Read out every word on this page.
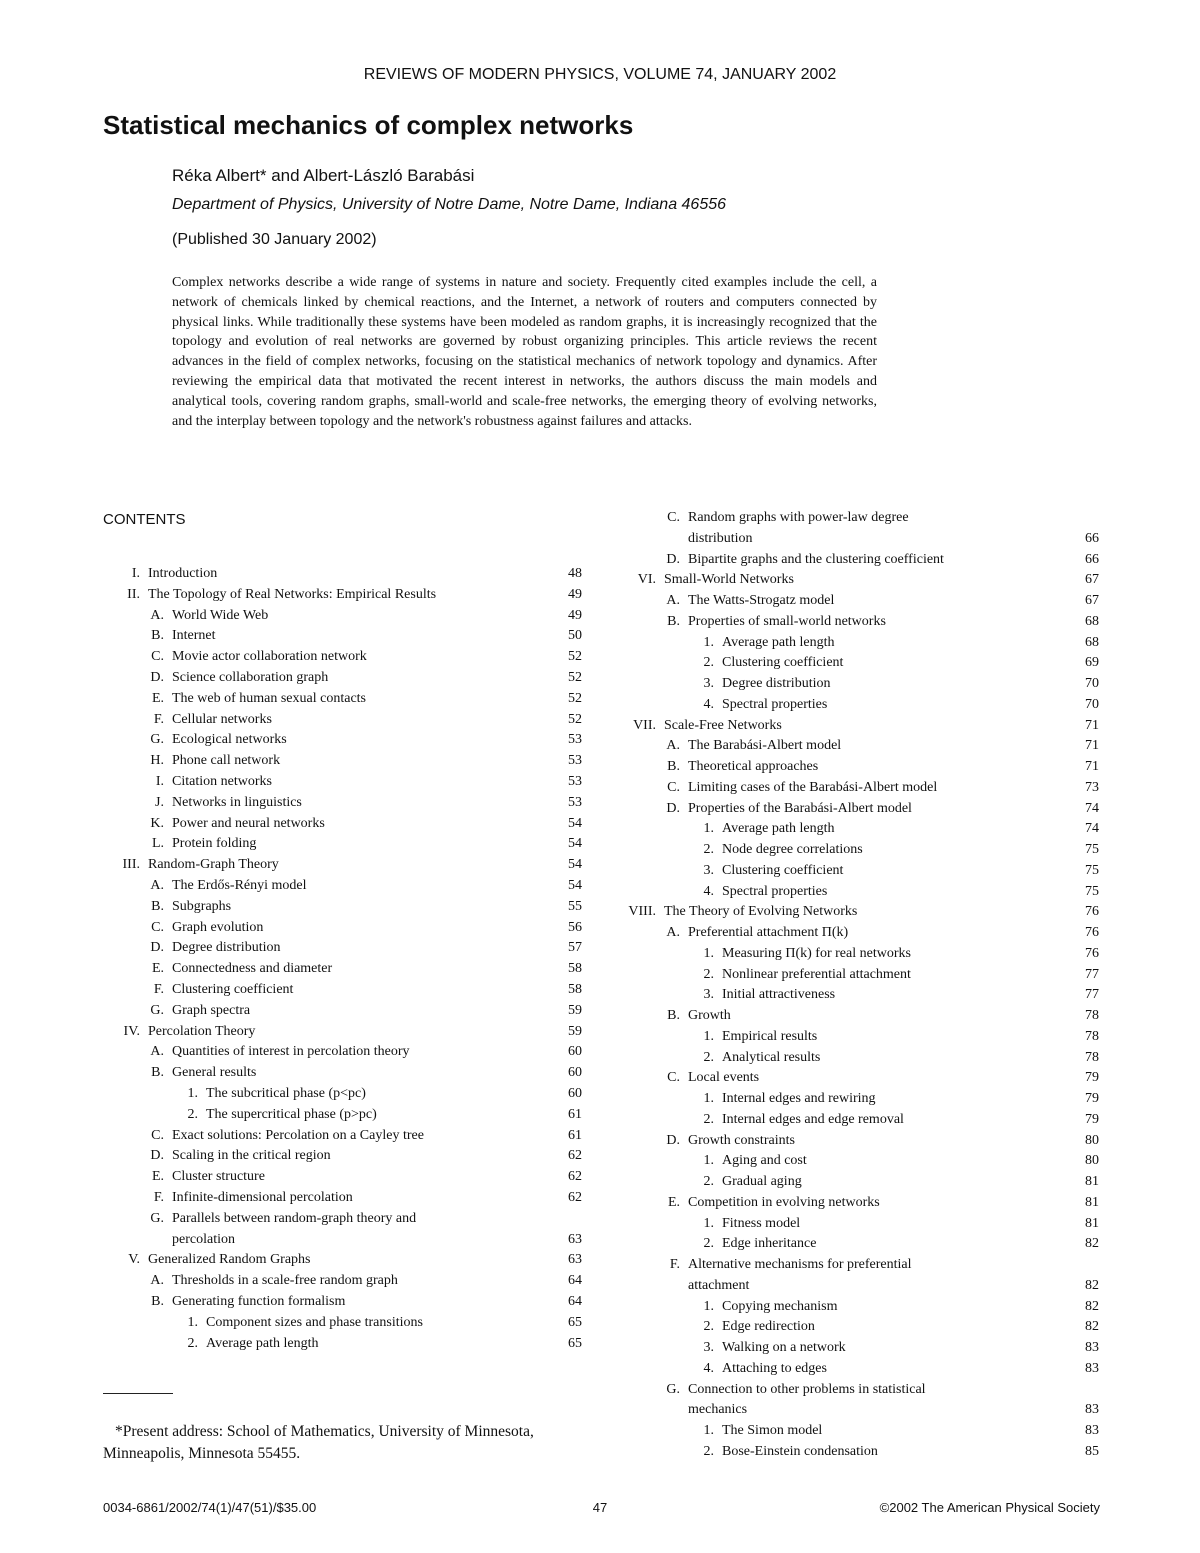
REVIEWS OF MODERN PHYSICS, VOLUME 74, JANUARY 2002
Statistical mechanics of complex networks
Réka Albert* and Albert-László Barabási
Department of Physics, University of Notre Dame, Notre Dame, Indiana 46556
(Published 30 January 2002)

Complex networks describe a wide range of systems in nature and society. Frequently cited examples include the cell, a network of chemicals linked by chemical reactions, and the Internet, a network of routers and computers connected by physical links. While traditionally these systems have been modeled as random graphs, it is increasingly recognized that the topology and evolution of real networks are governed by robust organizing principles. This article reviews the recent advances in the field of complex networks, focusing on the statistical mechanics of network topology and dynamics. After reviewing the empirical data that motivated the recent interest in networks, the authors discuss the main models and analytical tools, covering random graphs, small-world and scale-free networks, the emerging theory of evolving networks, and the interplay between topology and the network's robustness against failures and attacks.

CONTENTS
I. Introduction	48
II. The Topology of Real Networks: Empirical Results	49
A. World Wide Web	49
B. Internet	50
C. Movie actor collaboration network	52
D. Science collaboration graph	52
E. The web of human sexual contacts	52
F. Cellular networks	52
G. Ecological networks	53
H. Phone call network	53
I. Citation networks	53
J. Networks in linguistics	53
K. Power and neural networks	54
L. Protein folding	54
III. Random-Graph Theory	54
A. The Erdős-Rényi model	54
B. Subgraphs	55
C. Graph evolution	56
D. Degree distribution	57
E. Connectedness and diameter	58
F. Clustering coefficient	58
G. Graph spectra	59
IV. Percolation Theory	59
A. Quantities of interest in percolation theory	60
B. General results	60
1. The subcritical phase (p<pc)	60
2. The supercritical phase (p>pc)	61
C. Exact solutions: Percolation on a Cayley tree	61
D. Scaling in the critical region	62
E. Cluster structure	62
F. Infinite-dimensional percolation	62
G. Parallels between random-graph theory and
percolation	63
V. Generalized Random Graphs	63
A. Thresholds in a scale-free random graph	64
B. Generating function formalism	64
1. Component sizes and phase transitions	65
2. Average path length	65
C. Random graphs with power-law degree
distribution	66
D. Bipartite graphs and the clustering coefficient	66
VI. Small-World Networks	67
A. The Watts-Strogatz model	67
B. Properties of small-world networks	68
1. Average path length	68
2. Clustering coefficient	69
3. Degree distribution	70
4. Spectral properties	70
VII. Scale-Free Networks	71
A. The Barabási-Albert model	71
B. Theoretical approaches	71
C. Limiting cases of the Barabási-Albert model	73
D. Properties of the Barabási-Albert model	74
1. Average path length	74
2. Node degree correlations	75
3. Clustering coefficient	75
4. Spectral properties	75
VIII. The Theory of Evolving Networks	76
A. Preferential attachment Π(k)	76
1. Measuring Π(k) for real networks	76
2. Nonlinear preferential attachment	77
3. Initial attractiveness	77
B. Growth	78
1. Empirical results	78
2. Analytical results	78
C. Local events	79
1. Internal edges and rewiring	79
2. Internal edges and edge removal	79
D. Growth constraints	80
1. Aging and cost	80
2. Gradual aging	81
E. Competition in evolving networks	81
1. Fitness model	81
2. Edge inheritance	82
F. Alternative mechanisms for preferential
attachment	82
1. Copying mechanism	82
2. Edge redirection	82
3. Walking on a network	83
4. Attaching to edges	83
G. Connection to other problems in statistical
mechanics	83
1. The Simon model	83
2. Bose-Einstein condensation	85

*Present address: School of Mathematics, University of Minnesota, Minneapolis, Minnesota 55455.

0034-6861/2002/74(1)/47(51)/$35.00	47	©2002 The American Physical Society
